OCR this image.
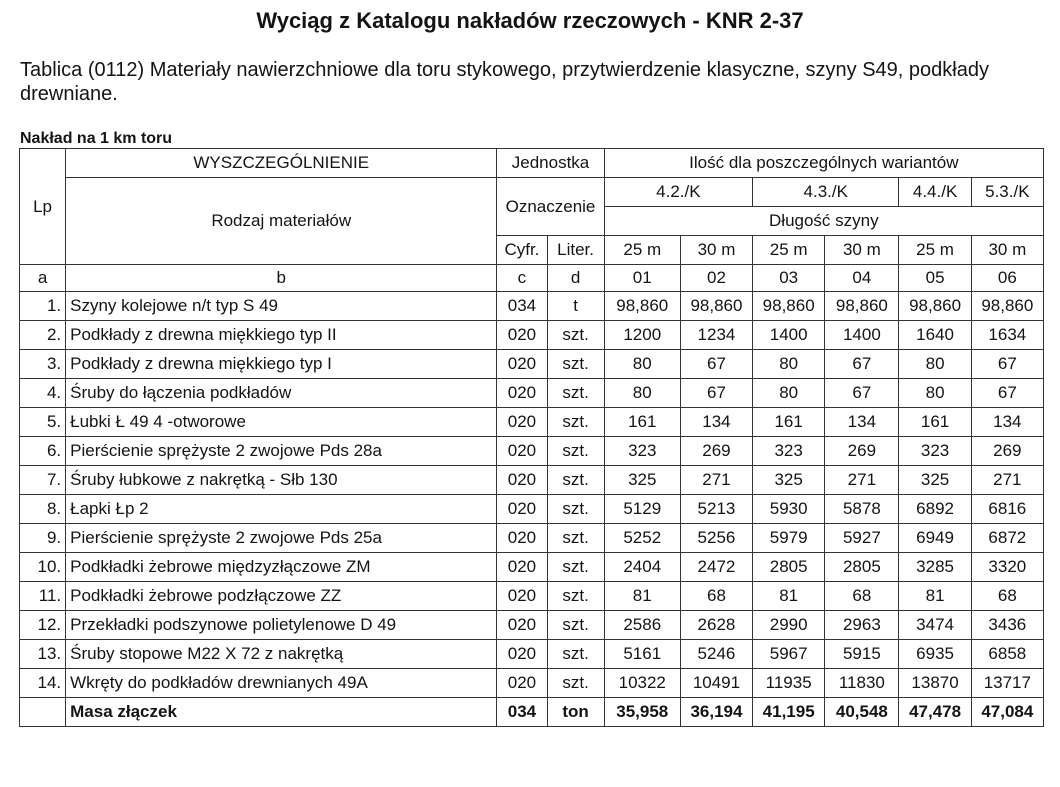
Wyciąg z Katalogu nakładów rzeczowych - KNR 2-37
Tablica (0112) Materiały nawierzchniowe dla toru stykowego, przytwierdzenie klasyczne, szyny S49, podkłady drewniane.
Nakład na 1 km toru
Lp	WYSZCZEGÓLNIENIE	Jednostka		Ilość dla poszczególnych wariantów					
	Rodzaj materiałów	Oznaczenie		4.2./K		4.3./K		4.4./K	5.3./K
				Długość szyny					
		Cyfr.	Liter.	25 m	30 m	25 m	30 m	25 m	30 m
a	b	c	d	01	02	03	04	05	06
1.	Szyny kolejowe n/t typ S 49	034	t	98,860	98,860	98,860	98,860	98,860	98,860
2.	Podkłady z drewna miękkiego typ II	020	szt.	1200	1234	1400	1400	1640	1634
3.	Podkłady z drewna miękkiego typ I	020	szt.	80	67	80	67	80	67
4.	Śruby do łączenia podkładów	020	szt.	80	67	80	67	80	67
5.	Łubki Ł 49 4 -otworowe	020	szt.	161	134	161	134	161	134
6.	Pierścienie sprężyste 2 zwojowe Pds 28a	020	szt.	323	269	323	269	323	269
7.	Śruby łubkowe z nakrętką - Słb 130	020	szt.	325	271	325	271	325	271
8.	Łapki Łp 2	020	szt.	5129	5213	5930	5878	6892	6816
9.	Pierścienie sprężyste 2 zwojowe Pds 25a	020	szt.	5252	5256	5979	5927	6949	6872
10.	Podkładki żebrowe międzyzłączowe ZM	020	szt.	2404	2472	2805	2805	3285	3320
11.	Podkładki żebrowe podzłączowe ZZ	020	szt.	81	68	81	68	81	68
12.	Przekładki podszynowe polietylenowe D 49	020	szt.	2586	2628	2990	2963	3474	3436
13.	Śruby stopowe M22 X 72 z nakrętką	020	szt.	5161	5246	5967	5915	6935	6858
14.	Wkręty do podkładów drewnianych 49A	020	szt.	10322	10491	11935	11830	13870	13717
	Masa złączek	034	ton	35,958	36,194	41,195	40,548	47,478	47,084
